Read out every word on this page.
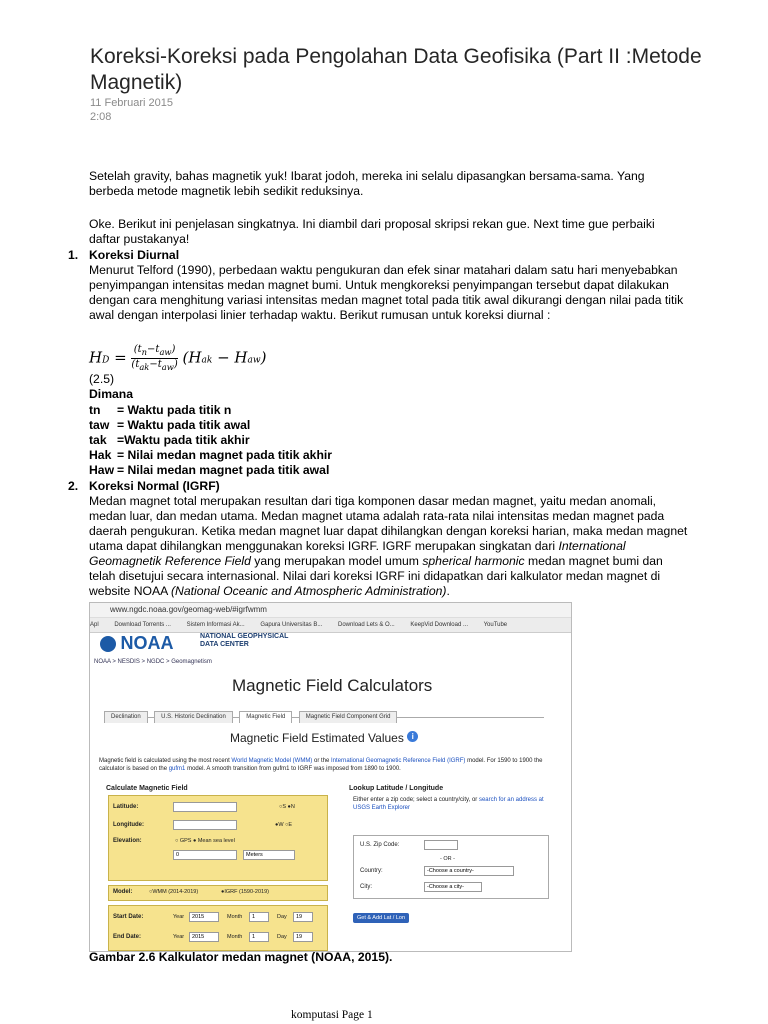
Koreksi-Koreksi pada Pengolahan Data Geofisika (Part II :Metode Magnetik)
11 Februari 2015
2:08
Setelah gravity, bahas magnetik yuk! Ibarat jodoh, mereka ini selalu dipasangkan bersama-sama. Yang berbeda metode magnetik lebih sedikit reduksinya.
Oke. Berikut ini penjelasan singkatnya. Ini diambil dari proposal skripsi rekan gue. Next time gue perbaiki daftar pustakanya!
1. Koreksi Diurnal
Menurut Telford (1990), perbedaan waktu pengukuran dan efek sinar matahari dalam satu hari menyebabkan penyimpangan intensitas medan magnet bumi. Untuk mengkoreksi penyimpangan tersebut dapat dilakukan dengan cara menghitung variasi intensitas medan magnet total pada titik awal dikurangi dengan nilai pada titik awal dengan interpolasi linier terhadap waktu. Berikut rumusan untuk koreksi diurnal :
HD = $\frac{(t_n-t_{aw})}{(t_{ak}-t_{aw})} (Hak - Haw)$
(2.5)
Dimana
tn = Waktu pada titik n
taw = Waktu pada titik awal
tak =Waktu pada titik akhir
Hak = Nilai medan magnet pada titik akhir
Haw = Nilai medan magnet pada titik awal
2. Koreksi Normal (IGRF)
Medan magnet total merupakan resultan dari tiga komponen dasar medan magnet, yaitu medan anomali, medan luar, dan medan utama. Medan magnet utama adalah rata-rata nilai intensitas medan magnet pada daerah pengukuran. Ketika medan magnet luar dapat dihilangkan dengan koreksi harian, maka medan magnet utama dapat dihilangkan menggunakan koreksi IGRF. IGRF merupakan singkatan dari International Geomagnetik Reference Field yang merupakan model umum spherical harmonic medan magnet bumi dan telah disetujui secara internasional. Nilai dari koreksi IGRF ini didapatkan dari kalkulator medan magnet di website NOAA (National Oceanic and Atmospheric Administration).
www.ngdc.noaa.gov/geomag-web/#igrfwmm
Apl	Download Torrents ...	Sistem Informasi Ak...	Gapura Universitas B...	Download Lets & O...	KeepVid Download ...	YouTube
NOAA	NATIONAL GEOPHYSICAL
DATA CENTER
NOAA > NESDIS > NGDC > Geomagnetism
Magnetic Field Calculators
Declination	U.S. Historic Declination	Magnetic Field	Magnetic Field Component Grid
Magnetic Field Estimated Values i
Magnetic field is calculated using the most recent World Magnetic Model (WMM) or the International Geomagnetic Reference Field (IGRF) model. For 1590 to 1900 the calculator is based on the gufm1 model. A smooth transition from gufm1 to IGRF was imposed from 1890 to 1900.
Calculate Magnetic Field
Latitude:	○S ●N
Longitude:	●W ○E
Elevation:	○ GPS ● Mean sea level
0	Meters
Model:	○WMM (2014-2019)	●IGRF (1590-2019)
Start Date:	Year	2015	Month	1	Day	19
End Date:	Year	2015	Month	1	Day	19
Lookup Latitude / Longitude
Either enter a zip code; select a country/city, or search for an address at USGS Earth Explorer
U.S. Zip Code:
- OR -
Country:	-Choose a country-
City:	-Choose a city-
Get & Add Lat / Lon
Gambar 2.6 Kalkulator medan magnet (NOAA, 2015).
komputasi Page 1
